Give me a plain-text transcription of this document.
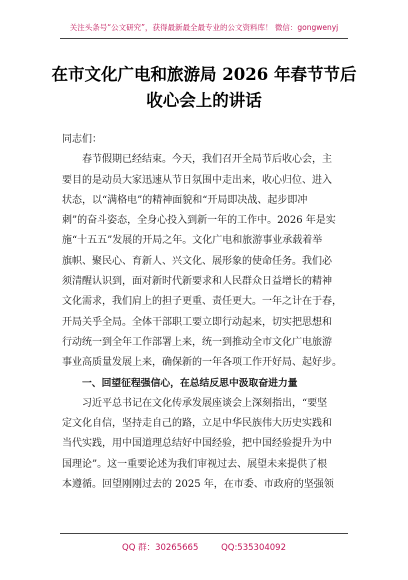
关注头条号“公文研究”，获得最新最全最专业的公文资料库！ 微信：gongwenyj
在市文化广电和旅游局 2026 年春节节后
收心会上的讲话
同志们：
春节假期已经结束。今天，我们召开全局节后收心会，主
要目的是动员大家迅速从节日氛围中走出来，收心归位、进入
状态，以“满格电”的精神面貌和“开局即决战、起步即冲
刺”的奋斗姿态，全身心投入到新一年的工作中。2026 年是实
施“十五五”发展的开局之年。文化广电和旅游事业承载着举
旗帜、聚民心、育新人、兴文化、展形象的使命任务。我们必
须清醒认识到，面对新时代新要求和人民群众日益增长的精神
文化需求，我们肩上的担子更重、责任更大。一年之计在于春，
开局关乎全局。全体干部职工要立即行动起来，切实把思想和
行动统一到全年工作部署上来，统一到推动全市文化广电旅游
事业高质量发展上来，确保新的一年各项工作开好局、起好步。
一、回望征程强信心，在总结反思中汲取奋进力量
习近平总书记在文化传承发展座谈会上深刻指出，“要坚
定文化自信，坚持走自己的路，立足中华民族伟大历史实践和
当代实践，用中国道理总结好中国经验，把中国经验提升为中
国理论”。这一重要论述为我们审视过去、展望未来提供了根
本遵循。回望刚刚过去的 2025 年，在市委、市政府的坚强领
QQ 群：30265665	QQ:535304092
